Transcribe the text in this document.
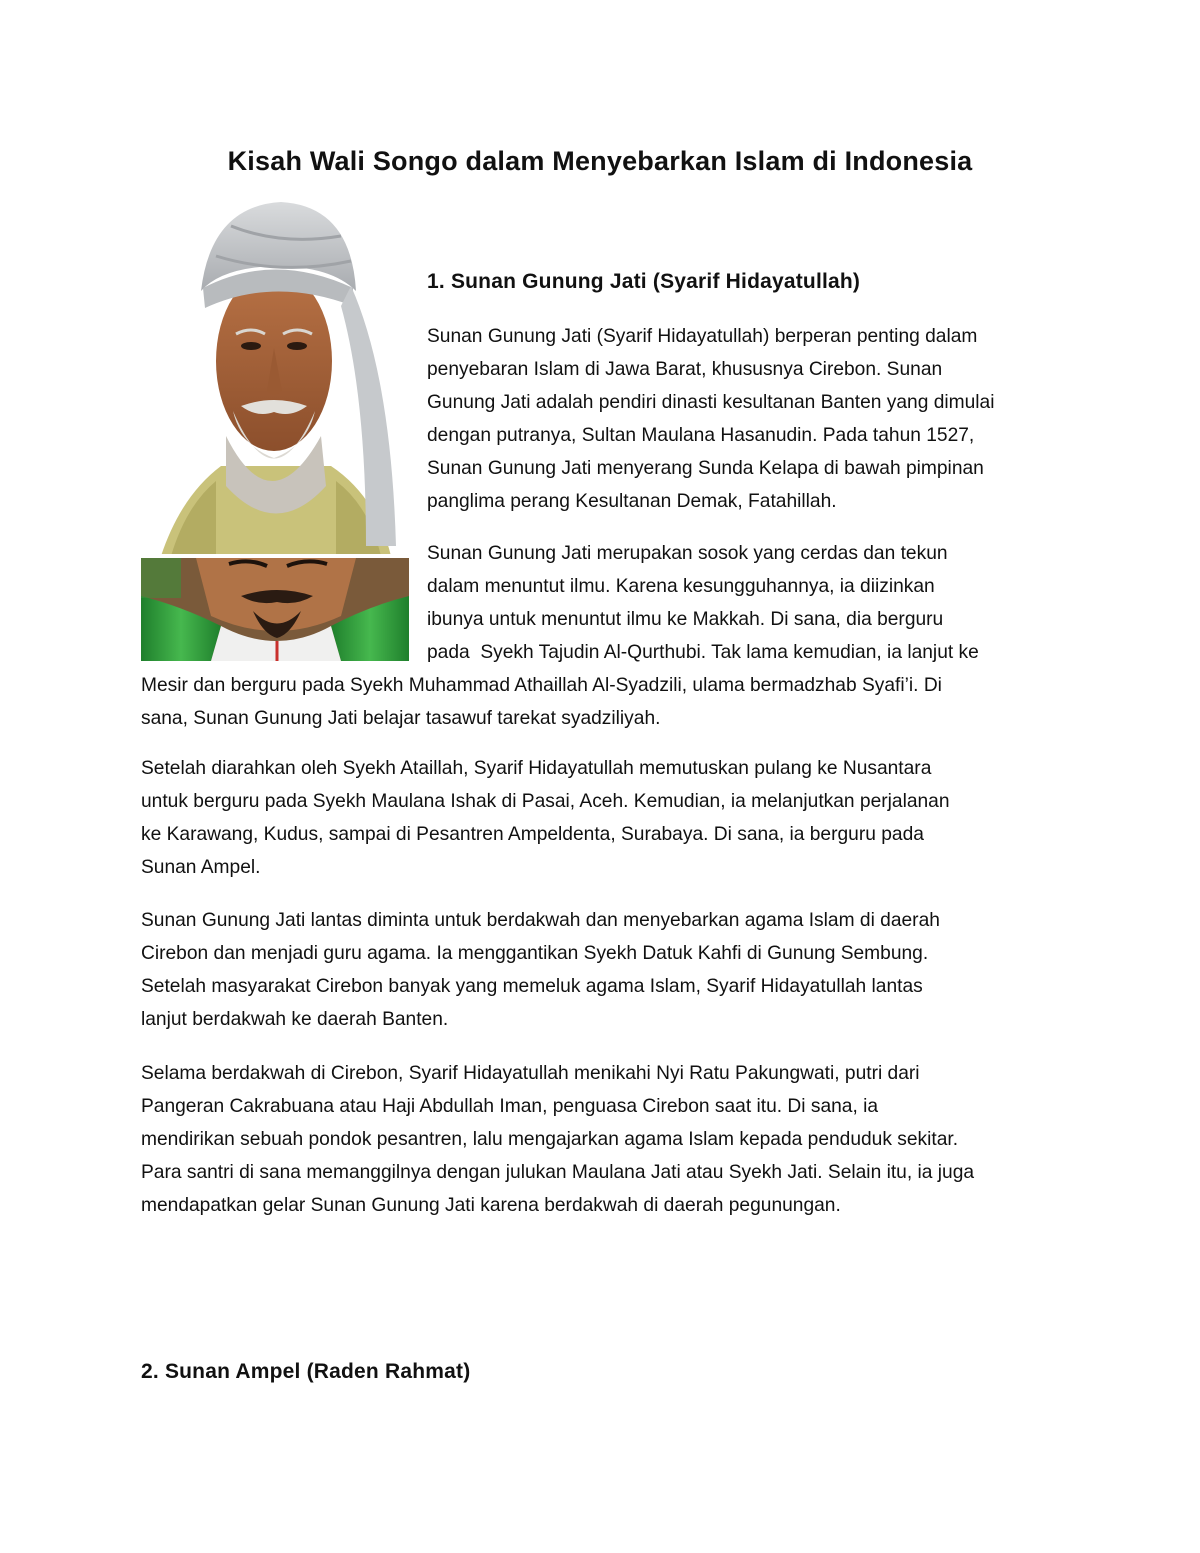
Kisah Wali Songo dalam Menyebarkan Islam di Indonesia
1. Sunan Gunung Jati (Syarif Hidayatullah)

Sunan Gunung Jati (Syarif Hidayatullah) berperan penting dalam
penyebaran Islam di Jawa Barat, khususnya Cirebon. Sunan
Gunung Jati adalah pendiri dinasti kesultanan Banten yang dimulai
dengan putranya, Sultan Maulana Hasanudin. Pada tahun 1527,
Sunan Gunung Jati menyerang Sunda Kelapa di bawah pimpinan
panglima perang Kesultanan Demak, Fatahillah.

Sunan Gunung Jati merupakan sosok yang cerdas dan tekun
dalam menuntut ilmu. Karena kesungguhannya, ia diizinkan
ibunya untuk menuntut ilmu ke Makkah. Di sana, dia berguru
pada  Syekh Tajudin Al-Qurthubi. Tak lama kemudian, ia lanjut ke

Mesir dan berguru pada Syekh Muhammad Athaillah Al-Syadzili, ulama bermadzhab Syafi’i. Di
sana, Sunan Gunung Jati belajar tasawuf tarekat syadziliyah.

Setelah diarahkan oleh Syekh Ataillah, Syarif Hidayatullah memutuskan pulang ke Nusantara
untuk berguru pada Syekh Maulana Ishak di Pasai, Aceh. Kemudian, ia melanjutkan perjalanan
ke Karawang, Kudus, sampai di Pesantren Ampeldenta, Surabaya. Di sana, ia berguru pada
Sunan Ampel.

Sunan Gunung Jati lantas diminta untuk berdakwah dan menyebarkan agama Islam di daerah
Cirebon dan menjadi guru agama. Ia menggantikan Syekh Datuk Kahfi di Gunung Sembung.
Setelah masyarakat Cirebon banyak yang memeluk agama Islam, Syarif Hidayatullah lantas
lanjut berdakwah ke daerah Banten.

Selama berdakwah di Cirebon, Syarif Hidayatullah menikahi Nyi Ratu Pakungwati, putri dari
Pangeran Cakrabuana atau Haji Abdullah Iman, penguasa Cirebon saat itu. Di sana, ia
mendirikan sebuah pondok pesantren, lalu mengajarkan agama Islam kepada penduduk sekitar.
Para santri di sana memanggilnya dengan julukan Maulana Jati atau Syekh Jati. Selain itu, ia juga
mendapatkan gelar Sunan Gunung Jati karena berdakwah di daerah pegunungan.

2. Sunan Ampel (Raden Rahmat)
